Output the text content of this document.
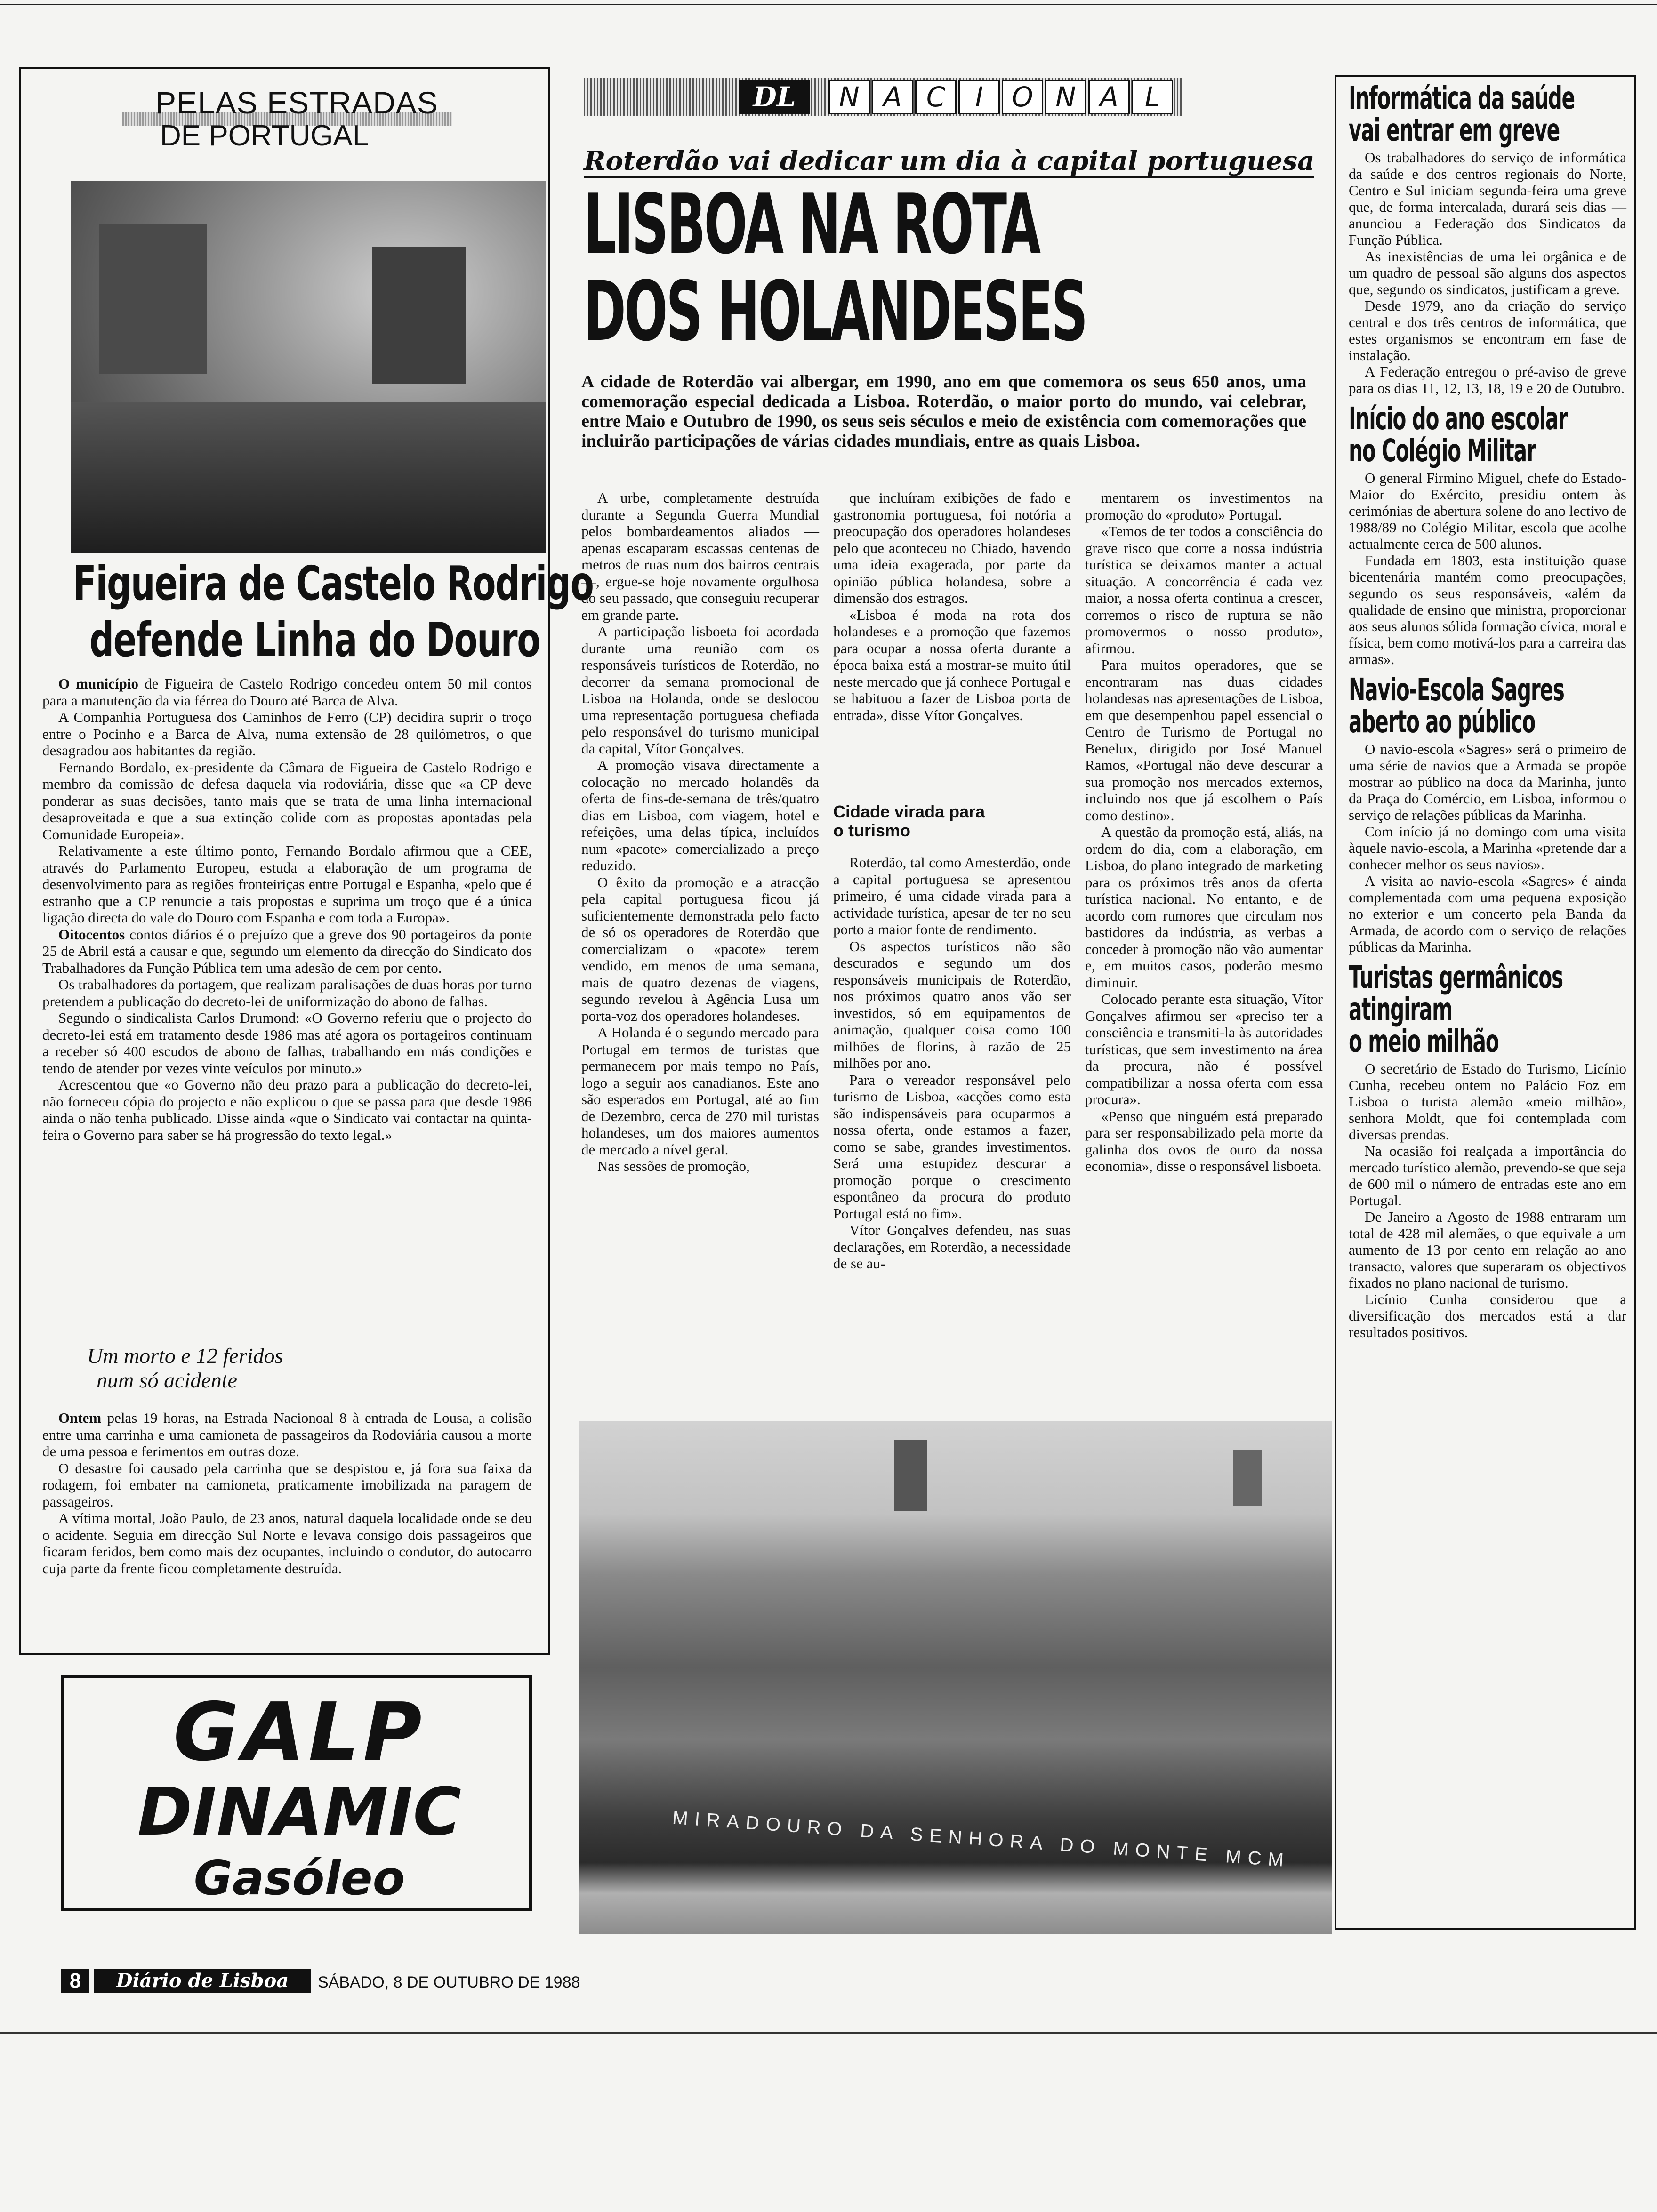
PELAS ESTRADAS
DE PORTUGAL
Figueira de Castelo Rodrigo
defende Linha do Douro

O município de Figueira de Castelo Rodrigo concedeu ontem 50 mil contos para a manutenção da via férrea do Douro até Barca de Alva.

A Companhia Portuguesa dos Caminhos de Ferro (CP) decidira suprir o troço entre o Pocinho e a Barca de Alva, numa extensão de 28 quilómetros, o que desagradou aos habitantes da região.

Fernando Bordalo, ex-presidente da Câmara de Figueira de Castelo Rodrigo e membro da comissão de defesa daquela via rodoviária, disse que «a CP deve ponderar as suas decisões, tanto mais que se trata de uma linha internacional desaproveitada e que a sua extinção colide com as propostas apontadas pela Comunidade Europeia».

Relativamente a este último ponto, Fernando Bordalo afirmou que a CEE, através do Parlamento Europeu, estuda a elaboração de um programa de desenvolvimento para as regiões fronteiriças entre Portugal e Espanha, «pelo que é estranho que a CP renuncie a tais propostas e suprima um troço que é a única ligação directa do vale do Douro com Espanha e com toda a Europa».

Oitocentos contos diários é o prejuízo que a greve dos 90 portageiros da ponte 25 de Abril está a causar e que, segundo um elemento da direcção do Sindicato dos Trabalhadores da Função Pública tem uma adesão de cem por cento.

Os trabalhadores da portagem, que realizam paralisações de duas horas por turno pretendem a publicação do decreto-lei de uniformização do abono de falhas.

Segundo o sindicalista Carlos Drumond: «O Governo referiu que o projecto do decreto-lei está em tratamento desde 1986 mas até agora os portageiros continuam a receber só 400 escudos de abono de falhas, trabalhando em más condições e tendo de atender por vezes vinte veículos por minuto.»

Acrescentou que «o Governo não deu prazo para a publicação do decreto-lei, não forneceu cópia do projecto e não explicou o que se passa para que desde 1986 ainda o não tenha publicado. Disse ainda «que o Sindicato vai contactar na quinta-feira o Governo para saber se há progressão do texto legal.»

Um morto e 12 feridos
num só acidente

Ontem pelas 19 horas, na Estrada Nacionoal 8 à entrada de Lousa, a colisão entre uma carrinha e uma camioneta de passageiros da Rodoviária causou a morte de uma pessoa e ferimentos em outras doze.

O desastre foi causado pela carrinha que se despistou e, já fora sua faixa da rodagem, foi embater na camioneta, praticamente imobilizada na paragem de passageiros.

A vítima mortal, João Paulo, de 23 anos, natural daquela localidade onde se deu o acidente. Seguia em direcção Sul Norte e levava consigo dois passageiros que ficaram feridos, bem como mais dez ocupantes, incluindo o condutor, do autocarro cuja parte da frente ficou completamente destruída.

GALP
DINAMIC
Gasóleo
8	Diário de Lisboa	SÁBADO, 8 DE OUTUBRO DE 1988
DL	N A C	I	O N A L
Roterdão vai dedicar um dia à capital portuguesa
LISBOA NA ROTA
DOS HOLANDESES
A cidade de Roterdão vai albergar, em 1990, ano em que comemora os seus 650 anos, uma comemoração especial dedicada a Lisboa. Roterdão, o maior porto do mundo, vai celebrar, entre Maio e Outubro de 1990, os seus seis séculos e meio de existência com comemorações que incluirão participações de várias cidades mundiais, entre as quais Lisboa.

A urbe, completamente destruída durante a Segunda Guerra Mundial pelos bombardeamentos aliados — apenas escaparam escassas centenas de metros de ruas num dos bairros centrais —, ergue-se hoje novamente orgulhosa do seu passado, que conseguiu recuperar em grande parte.

A participação lisboeta foi acordada durante uma reunião com os responsáveis turísticos de Roterdão, no decorrer da semana promocional de Lisboa na Holanda, onde se deslocou uma representação portuguesa chefiada pelo responsável do turismo municipal da capital, Vítor Gonçalves.

A promoção visava directamente a colocação no mercado holandês da oferta de fins-de-semana de três/quatro dias em Lisboa, com viagem, hotel e refeições, uma delas típica, incluídos num «pacote» comercializado a preço reduzido.

O êxito da promoção e a atracção pela capital portuguesa ficou já suficientemente demonstrada pelo facto de só os operadores de Roterdão que comercializam o «pacote» terem vendido, em menos de uma semana, mais de quatro dezenas de viagens, segundo revelou à Agência Lusa um porta-voz dos operadores holandeses.

A Holanda é o segundo mercado para Portugal em termos de turistas que permanecem por mais tempo no País, logo a seguir aos canadianos. Este ano são esperados em Portugal, até ao fim de Dezembro, cerca de 270 mil turistas holandeses, um dos maiores aumentos de mercado a nível geral.

Nas sessões de promoção,

que incluíram exibições de fado e gastronomia portuguesa, foi notória a preocupação dos operadores holandeses pelo que aconteceu no Chiado, havendo uma ideia exagerada, por parte da opinião pública holandesa, sobre a dimensão dos estragos.

«Lisboa é moda na rota dos holandeses e a promoção que fazemos para ocupar a nossa oferta durante a época baixa está a mostrar-se muito útil neste mercado que já conhece Portugal e se habituou a fazer de Lisboa porta de entrada», disse Vítor Gonçalves.

Cidade virada para
o turismo

Roterdão, tal como Amesterdão, onde a capital portuguesa se apresentou primeiro, é uma cidade virada para a actividade turística, apesar de ter no seu porto a maior fonte de rendimento.

Os aspectos turísticos não são descurados e segundo um dos responsáveis municipais de Roterdão, nos próximos quatro anos vão ser investidos, só em equipamentos de animação, qualquer coisa como 100 milhões de florins, à razão de 25 milhões por ano.

Para o vereador responsável pelo turismo de Lisboa, «acções como esta são indispensáveis para ocuparmos a nossa oferta, onde estamos a fazer, como se sabe, grandes investimentos. Será uma estupidez descurar a promoção porque o crescimento espontâneo da procura do produto Portugal está no fim».

Vítor Gonçalves defendeu, nas suas declarações, em Roterdão, a necessidade de se au-

mentarem os investimentos na promoção do «produto» Portugal.

«Temos de ter todos a consciência do grave risco que corre a nossa indústria turística se deixamos manter a actual situação. A concorrência é cada vez maior, a nossa oferta continua a crescer, corremos o risco de ruptura se não promovermos o nosso produto», afirmou.

Para muitos operadores, que se encontraram nas duas cidades holandesas nas apresentações de Lisboa, em que desempenhou papel essencial o Centro de Turismo de Portugal no Benelux, dirigido por José Manuel Ramos, «Portugal não deve descurar a sua promoção nos mercados externos, incluindo nos que já escolhem o País como destino».

A questão da promoção está, aliás, na ordem do dia, com a elaboração, em Lisboa, do plano integrado de marketing para os próximos três anos da oferta turística nacional. No entanto, e de acordo com rumores que circulam nos bastidores da indústria, as verbas a conceder à promoção não vão aumentar e, em muitos casos, poderão mesmo diminuir.

Colocado perante esta situação, Vítor Gonçalves afirmou ser «preciso ter a consciência e transmiti-la às autoridades turísticas, que sem investimento na área da procura, não é possível compatibilizar a nossa oferta com essa procura».

«Penso que ninguém está preparado para ser responsabilizado pela morte da galinha dos ovos de ouro da nossa economia», disse o responsável lisboeta.

MIRADOURO DA SENHORA DO MONTE MCM
Informática da saúde
vai entrar em greve

Os trabalhadores do serviço de informática da saúde e dos centros regionais do Norte, Centro e Sul iniciam segunda-feira uma greve que, de forma intercalada, durará seis dias — anunciou a Federação dos Sindicatos da Função Pública.

As inexistências de uma lei orgânica e de um quadro de pessoal são alguns dos aspectos que, segundo os sindicatos, justificam a greve.

Desde 1979, ano da criação do serviço central e dos três centros de informática, que estes organismos se encontram em fase de instalação.

A Federação entregou o pré-aviso de greve para os dias 11, 12, 13, 18, 19 e 20 de Outubro.

Início do ano escolar
no Colégio Militar

O general Firmino Miguel, chefe do Estado-Maior do Exército, presidiu ontem às cerimónias de abertura solene do ano lectivo de 1988/89 no Colégio Militar, escola que acolhe actualmente cerca de 500 alunos.

Fundada em 1803, esta instituição quase bicentenária mantém como preocupações, segundo os seus responsáveis, «além da qualidade de ensino que ministra, proporcionar aos seus alunos sólida formação cívica, moral e física, bem como motivá-los para a carreira das armas».

Navio-Escola Sagres
aberto ao público

O navio-escola «Sagres» será o primeiro de uma série de navios que a Armada se propõe mostrar ao público na doca da Marinha, junto da Praça do Comércio, em Lisboa, informou o serviço de relações públicas da Marinha.

Com início já no domingo com uma visita àquele navio-escola, a Marinha «pretende dar a conhecer melhor os seus navios».

A visita ao navio-escola «Sagres» é ainda complementada com uma pequena exposição no exterior e um concerto pela Banda da Armada, de acordo com o serviço de relações públicas da Marinha.

Turistas germânicos
atingiram
o meio milhão

O secretário de Estado do Turismo, Licínio Cunha, recebeu ontem no Palácio Foz em Lisboa o turista alemão «meio milhão», senhora Moldt, que foi contemplada com diversas prendas.

Na ocasião foi realçada a importância do mercado turístico alemão, prevendo-se que seja de 600 mil o número de entradas este ano em Portugal.

De Janeiro a Agosto de 1988 entraram um total de 428 mil alemães, o que equivale a um aumento de 13 por cento em relação ao ano transacto, valores que superaram os objectivos fixados no plano nacional de turismo.

Licínio Cunha considerou que a diversificação dos mercados está a dar resultados positivos.
